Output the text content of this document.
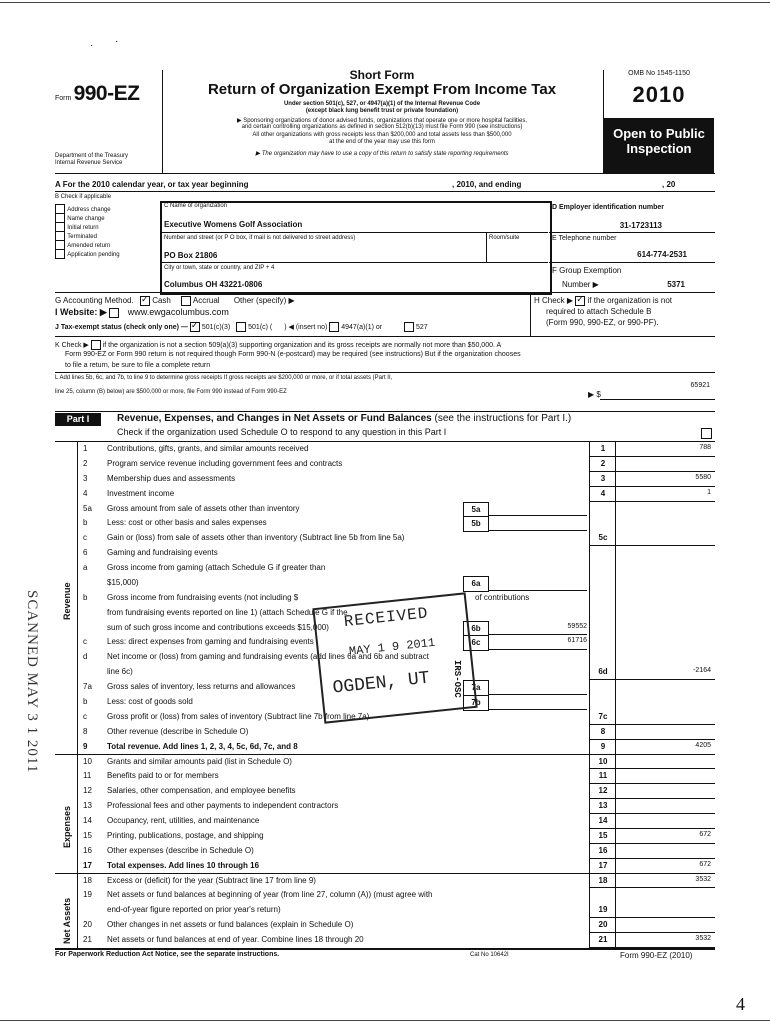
· ·
Form 990-EZ
Department of the Treasury
Internal Revenue Service
Short Form
Return of Organization Exempt From Income Tax
Under section 501(c), 527, or 4947(a)(1) of the Internal Revenue Code
(except black lung benefit trust or private foundation)
▶ Sponsoring organizations of donor advised funds, organizations that operate one or more hospital facilities,
and certain controlling organizations as defined in section 512(b)(13) must file Form 990 (see instructions)
All other organizations with gross receipts less than $200,000 and total assets less than $500,000
at the end of the year may use this form
▶ The organization may have to use a copy of this return to satisfy state reporting requirements
OMB No 1545-1150
2010
Open to Public
Inspection
A For the 2010 calendar year, or tax year beginning	, 2010, and ending	, 20
B Check if applicable
Address change
Name change
Initial return
Terminated
Amended return
Application pending
C Name of organization
Executive Womens Golf Association
Number and street (or P O box, if mail is not delivered to street address)	Room/suite
PO Box 21806
City or town, state or country, and ZIP + 4
Columbus OH 43221-0806
D Employer identification number
31-1723113
E Telephone number
614-774-2531
F Group Exemption
Number ▶	5371
G Accounting Method. ✓ Cash	Accrual Other (specify) ▶	H Check ▶ ✓ if the organization is not
required to attach Schedule B
(Form 990, 990-EZ, or 990-PF).
I Website: ▶ www.ewgacolumbus.com
J Tax-exempt status (check only one) — ✓ 501(c)(3)	501(c) ( ) ◀ (insert no) 4947(a)(1) or	527
K Check ▶ if the organization is not a section 509(a)(3) supporting organization and its gross receipts are normally not more than $50,000. A
Form 990-EZ or Form 990 return is not required though Form 990-N (e-postcard) may be required (see instructions) But if the organization chooses
to file a return, be sure to file a complete return
L Add lines 5b, 6c, and 7b, to line 9 to determine gross receipts If gross receipts are $200,000 or more, or if total assets (Part II,
line 25, column (B) below) are $500,000 or more, file Form 990 instead of Form 990-EZ	▶ $
65921
Part I	Revenue, Expenses, and Changes in Net Assets or Fund Balances (see the instructions for Part I.)
Check if the organization used Schedule O to respond to any question in this Part I
1 Contributions, gifts, grants, and similar amounts received	1	788
2 Program service revenue including government fees and contracts	2
3 Membership dues and assessments	3	5580
4 Investment income	4	1
5a Gross amount from sale of assets other than inventory	5a
b Less: cost or other basis and sales expenses	5b
c	Gain or (loss) from sale of assets other than inventory (Subtract line 5b from line 5a)	5c
6 Gaming and fundraising events
a Gross income from gaming (attach Schedule G if greater than
$15,000)	6a
b Gross income from fundraising events (not including $	of contributions
from fundraising events reported on line 1) (attach Schedule G if the
sum of such gross income and contributions exceeds $15,000)	6b	59552
c	Less: direct expenses from gaming and fundraising events	6c	61716
d Net income or (loss) from gaming and fundraising events (add lines 6a and 6b and subtract
line 6c)	6d	-2164
7a Gross sales of inventory, less returns and allowances	7a
b Less: cost of goods sold	7b
c	Gross profit or (loss) from sales of inventory (Subtract line 7b from line 7a)	7c
8 Other revenue (describe in Schedule O)	8
9 Total revenue. Add lines 1, 2, 3, 4, 5c, 6d, 7c, and 8	9	4205
10 Grants and similar amounts paid (list in Schedule O)	10
11 Benefits paid to or for members	11
12 Salaries, other compensation, and employee benefits	12
13 Professional fees and other payments to independent contractors	13
14 Occupancy, rent, utilities, and maintenance	14
15 Printing, publications, postage, and shipping	15	672
16 Other expenses (describe in Schedule O)	16
17 Total expenses. Add lines 10 through 16	17	672
18 Excess or (deficit) for the year (Subtract line 17 from line 9)	18	3532
19 Net assets or fund balances at beginning of year (from line 27, column (A)) (must agree with
end-of-year figure reported on prior year's return)	19
20 Other changes in net assets or fund balances (explain in Schedule O)	20
21 Net assets or fund balances at end of year. Combine lines 18 through 20	21	3532
Revenue
Expenses
Net Assets
RECEIVED
MAY 1 9 2011
OGDEN, UT	IRS-OSC
SCANNED MAY 3 1 2011
For Paperwork Reduction Act Notice, see the separate instructions.	Cat No 10642I	Form 990-EZ (2010)
4
